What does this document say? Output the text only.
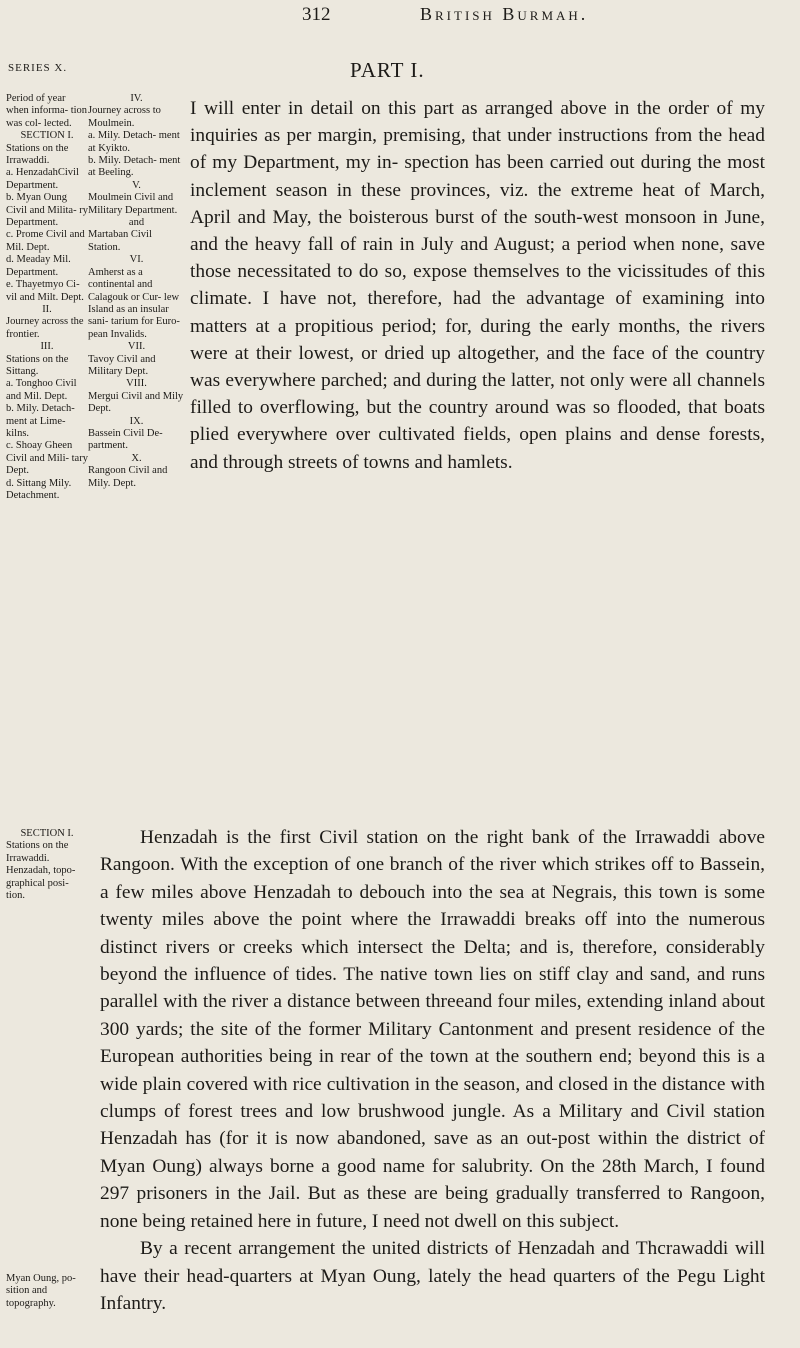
312	British Burmah.
SERIES X.	PART I.

Period of year when informa- tion was col- lected.

SECTION I.

Stations on the Irrawaddi.

a. HenzadahCivil Department.

b. Myan Oung Civil and Milita- ry Department.

c. Prome Civil and Mil. Dept.

d. Meaday Mil. Department.

e. Thayetmyo Ci- vil and Milt. Dept.

II.

Journey across the frontier.

III.

Stations on the Sittang.

a. Tonghoo Civil and Mil. Dept.

b. Mily. Detach- ment at Lime- kilns.

c. Shoay Gheen Civil and Mili- tary Dept.

d. Sittang Mily. Detachment.

IV.

Journey across to Moulmein.

a. Mily. Detach- ment at Kyikto.

b. Mily. Detach- ment at Beeling.

V.

Moulmein Civil and Military Department.

and

Martaban Civil Station.

VI.

Amherst as a continental and Calagouk or Cur- lew Island as an insular sani- tarium for Euro- pean Invalids.

VII.

Tavoy Civil and Military Dept.

VIII.

Mergui Civil and Mily Dept.

IX.

Bassein Civil De- partment.

X.

Rangoon Civil and Mily. Dept.

I will enter in detail on this part as arranged above in the order of my inquiries as per margin, premising, that under instructions from the head of my Department, my in- spection has been carried out during the most inclement season in these provinces, viz. the extreme heat of March, April and May, the boisterous burst of the south-west monsoon in June, and the heavy fall of rain in July and August; a period when none, save those necessitated to do so, expose themselves to the vicissitudes of this climate. I have not, therefore, had the advantage of examining into matters at a propitious period; for, during the early months, the rivers were at their lowest, or dried up altogether, and the face of the country was everywhere parched; and during the latter, not only were all channels filled to overflowing, but the country around was so flooded, that boats plied everywhere over cultivated fields, open plains and dense forests, and through streets of towns and hamlets.

SECTION I.

Stations on the Irrawaddi.

Henzadah, topo- graphical posi- tion.

Myan Oung, po- sition and topography.

Henzadah is the first Civil station on the right bank of the Irrawaddi above Rangoon. With the exception of one branch of the river which strikes off to Bassein, a few miles above Henzadah to debouch into the sea at Negrais, this town is some twenty miles above the point where the Irrawaddi breaks off into the numerous distinct rivers or creeks which intersect the Delta; and is, therefore, considerably beyond the influence of tides. The native town lies on stiff clay and sand, and runs parallel with the river a distance between threeand four miles, extending inland about 300 yards; the site of the former Military Cantonment and present residence of the European authorities being in rear of the town at the southern end; beyond this is a wide plain covered with rice cultivation in the season, and closed in the distance with clumps of forest trees and low brushwood jungle. As a Military and Civil station Henzadah has (for it is now abandoned, save as an out-post within the district of Myan Oung) always borne a good name for salubrity. On the 28th March, I found 297 prisoners in the Jail. But as these are being gradually transferred to Rangoon, none being retained here in future, I need not dwell on this subject.

By a recent arrangement the united districts of Henzadah and Thcrawaddi will have their head-quarters at Myan Oung, lately the head quarters of the Pegu Light Infantry.
